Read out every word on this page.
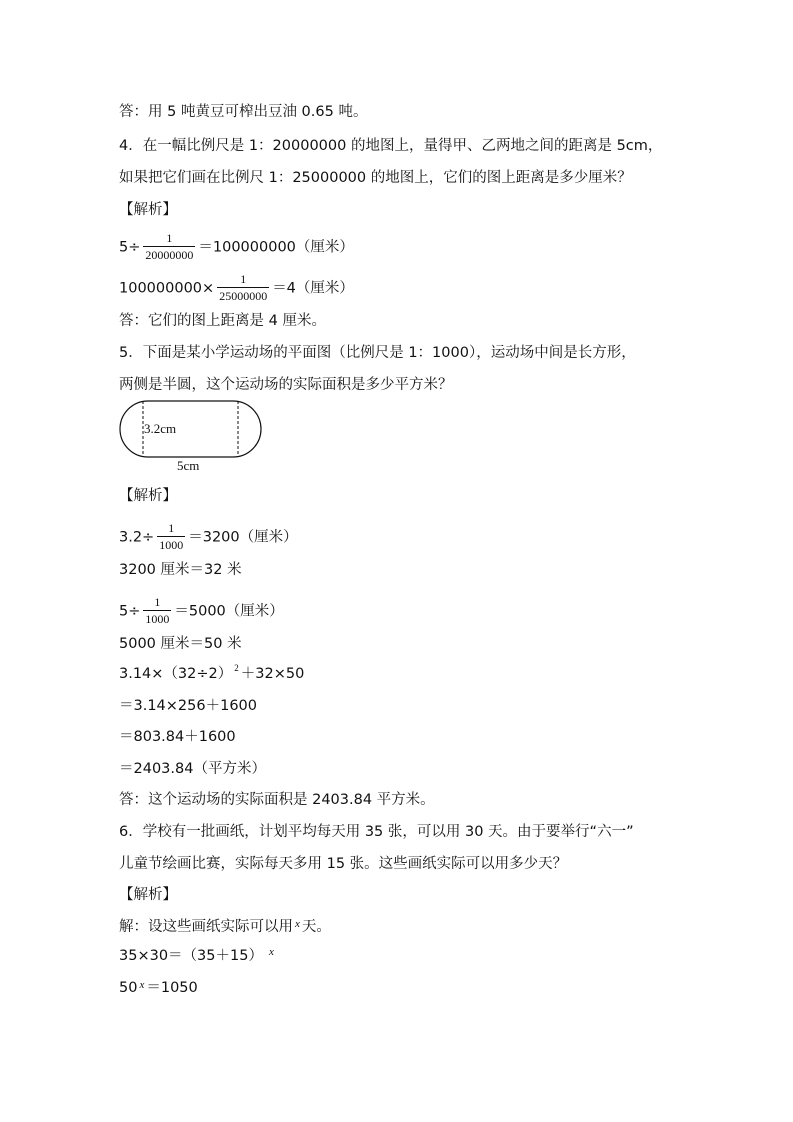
答：用 5 吨黄豆可榨出豆油 0.65 吨。
4．在一幅比例尺是 1：20000000 的地图上，量得甲、乙两地之间的距离是 5cm，
如果把它们画在比例尺 1：25000000 的地图上，它们的图上距离是多少厘米？
【解析】
$5\div \frac{1}{20000000} =100000000$（厘米）
$100000000\times \frac{1}{25000000} =4$（厘米）
答：它们的图上距离是 4 厘米。
5．下面是某小学运动场的平面图（比例尺是 1：1000），运动场中间是长方形，
两侧是半圆，这个运动场的实际面积是多少平方米？
3.2cm
5cm
【解析】
$3.2\div \frac{1}{1000} =3200$（厘米）
3200 厘米＝32 米
$5\div \frac{1}{1000} =5000$（厘米）
5000 厘米＝50 米
3.14×（32÷2） $^2$ ＋32×50
＝3.14×256＋1600
＝803.84＋1600
＝2403.84（平方米）
答：这个运动场的实际面积是 2403.84 平方米。
6．学校有一批画纸，计划平均每天用 35 张，可以用 30 天。由于要举行“六一”
儿童节绘画比赛，实际每天多用 15 张。这些画纸实际可以用多少天？
【解析】
解：设这些画纸实际可以用 $^x$ 天。
35×30＝（35＋15） $^x$
50 $^x$ ＝1050
